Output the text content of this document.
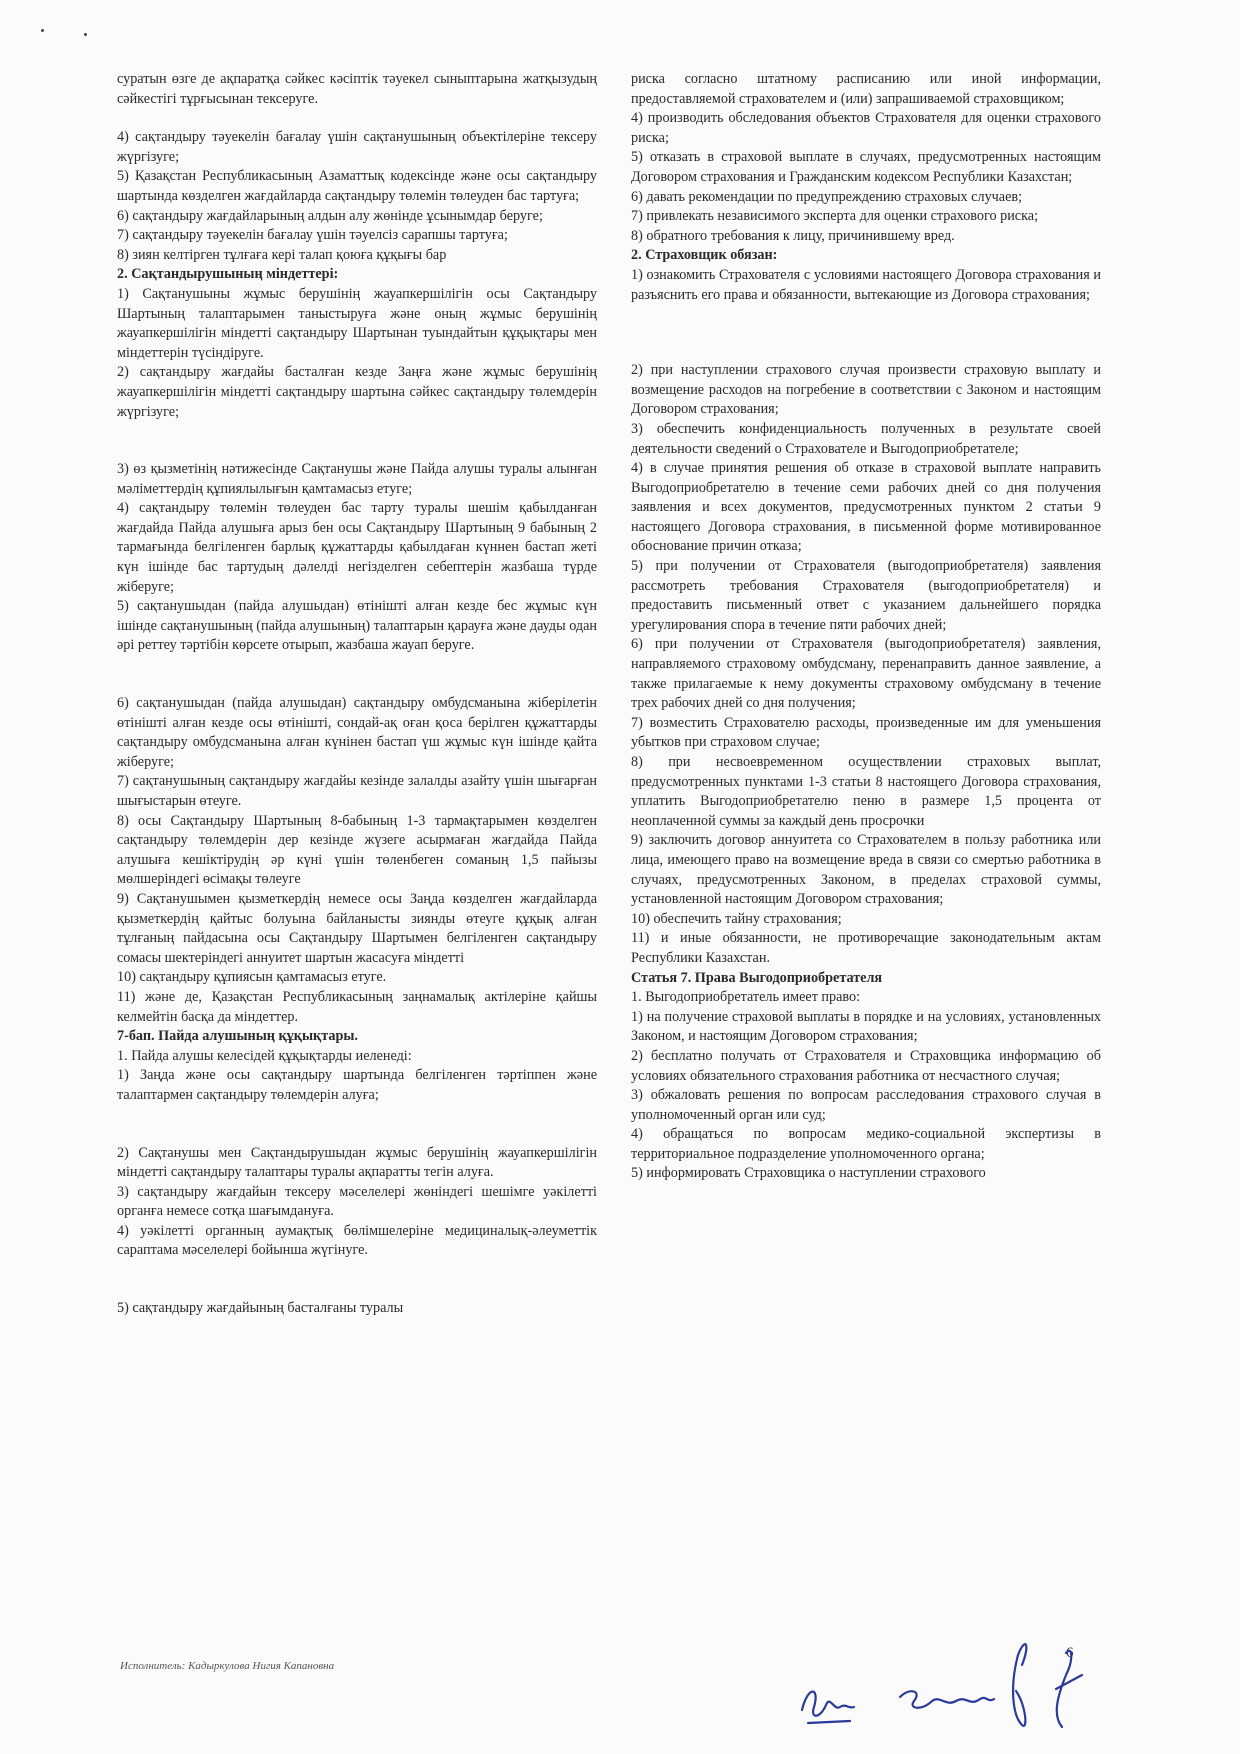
суратын өзге де ақпаратқа сәйкес кәсіптік тәуекел сыныптарына жатқызудың сәйкестігі тұрғысынан тексеруге.
4) сақтандыру тәуекелін бағалау үшін сақтанушының объектілеріне тексеру жүргізуге;
5) Қазақстан Республикасының Азаматтық кодексінде және осы сақтандыру шартында көзделген жағдайларда сақтандыру төлемін төлеуден бас тартуға;
6) сақтандыру жағдайларының алдын алу жөнінде ұсынымдар беруге;
7) сақтандыру тәуекелін бағалау үшін тәуелсіз сарапшы тартуға;
8) зиян келтірген тұлғаға кері талап қоюға құқығы бар
2. Сақтандырушының міндеттері:
1) Сақтанушыны жұмыс берушінің жауапкершілігін осы Сақтандыру Шартының талаптарымен таныстыруға және оның жұмыс берушінің жауапкершілігін міндетті сақтандыру Шартынан туындайтын құқықтары мен міндеттерін түсіндіруге.
2) сақтандыру жағдайы басталған кезде Заңға және жұмыс берушінің жауапкершілігін міндетті сақтандыру шартына сәйкес сақтандыру төлемдерін жүргізуге;
3) өз қызметінің нәтижесінде Сақтанушы және Пайда алушы туралы алынған мәліметтердің құпиялылығын қамтамасыз етуге;
4) сақтандыру төлемін төлеуден бас тарту туралы шешім қабылданған жағдайда Пайда алушыға арыз бен осы Сақтандыру Шартының 9 бабының 2 тармағында белгіленген барлық құжаттарды қабылдаған күннен бастап жеті күн ішінде бас тартудың дәлелді негізделген себептерін жазбаша түрде жіберуге;
5) сақтанушыдан (пайда алушыдан) өтінішті алған кезде бес жұмыс күн ішінде сақтанушының (пайда алушының) талаптарын қарауға және дауды одан әрі реттеу тәртібін көрсете отырып, жазбаша жауап беруге.
6) сақтанушыдан (пайда алушыдан) сақтандыру омбудсманына жіберілетін өтінішті алған кезде осы өтінішті, сондай-ақ оған қоса берілген құжаттарды сақтандыру омбудсманына алған күнінен бастап үш жұмыс күн ішінде қайта жіберуге;
7) сақтанушының сақтандыру жағдайы кезінде залалды азайту үшін шығарған шығыстарын өтеуге.
8) осы Сақтандыру Шартының 8-бабының 1-3 тармақтарымен көзделген сақтандыру төлемдерін дер кезінде жүзеге асырмаған жағдайда Пайда алушыға кешіктірудің әр күні үшін төленбеген соманың 1,5 пайызы мөлшеріндегі өсімақы төлеуге
9) Сақтанушымен қызметкердің немесе осы Заңда көзделген жағдайларда қызметкердің қайтыс болуына байланысты зиянды өтеуге құқық алған тұлғаның пайдасына осы Сақтандыру Шартымен белгіленген сақтандыру сомасы шектеріндегі аннуитет шартын жасасуға міндетті
10) сақтандыру құпиясын қамтамасыз етуге.
11) және де, Қазақстан Республикасының заңнамалық актілеріне қайшы келмейтін басқа да міндеттер.
7-бап. Пайда алушының құқықтары.
1. Пайда алушы келесідей құқықтарды иеленеді:
1) Заңда және осы сақтандыру шартында белгіленген тәртіппен және талаптармен сақтандыру төлемдерін алуға;
2) Сақтанушы мен Сақтандырушыдан жұмыс берушінің жауапкершілігін міндетті сақтандыру талаптары туралы ақпаратты тегін алуға.
3) сақтандыру жағдайын тексеру мәселелері жөніндегі шешімге уәкілетті органға немесе сотқа шағымдануға.
4) уәкілетті органның аумақтық бөлімшелеріне медициналық-әлеуметтік сараптама мәселелері бойынша жүгінуге.
5) сақтандыру жағдайының басталғаны туралы
риска согласно штатному расписанию или иной информации, предоставляемой страхователем и (или) запрашиваемой страховщиком;
4) производить обследования объектов Страхователя для оценки страхового риска;
5) отказать в страховой выплате в случаях, предусмотренных настоящим Договором страхования и Гражданским кодексом Республики Казахстан;
6) давать рекомендации по предупреждению страховых случаев;
7) привлекать независимого эксперта для оценки страхового риска;
8) обратного требования к лицу, причинившему вред.
2. Страховщик обязан:
1) ознакомить Страхователя с условиями настоящего Договора страхования и разъяснить его права и обязанности, вытекающие из Договора страхования;
2) при наступлении страхового случая произвести страховую выплату и возмещение расходов на погребение в соответствии с Законом и настоящим Договором страхования;
3) обеспечить конфиденциальность полученных в результате своей деятельности сведений о Страхователе и Выгодоприобретателе;
4) в случае принятия решения об отказе в страховой выплате направить Выгодоприобретателю в течение семи рабочих дней со дня получения заявления и всех документов, предусмотренных пунктом 2 статьи 9 настоящего Договора страхования, в письменной форме мотивированное обоснование причин отказа;
5) при получении от Страхователя (выгодоприобретателя) заявления рассмотреть требования Страхователя (выгодоприобретателя) и предоставить письменный ответ с указанием дальнейшего порядка урегулирования спора в течение пяти рабочих дней;
6) при получении от Страхователя (выгодоприобретателя) заявления, направляемого страховому омбудсману, перенаправить данное заявление, а также прилагаемые к нему документы страховому омбудсману в течение трех рабочих дней со дня получения;
7) возместить Страхователю расходы, произведенные им для уменьшения убытков при страховом случае;
8) при несвоевременном осуществлении страховых выплат, предусмотренных пунктами 1-3 статьи 8 настоящего Договора страхования, уплатить Выгодоприобретателю пеню в размере 1,5 процента от неоплаченной суммы за каждый день просрочки
9) заключить договор аннуитета со Страхователем в пользу работника или лица, имеющего право на возмещение вреда в связи со смертью работника в случаях, предусмотренных Законом, в пределах страховой суммы, установленной настоящим Договором страхования;
10) обеспечить тайну страхования;
11) и иные обязанности, не противоречащие законодательным актам Республики Казахстан.
Статья 7. Права Выгодоприобретателя
1. Выгодоприобретатель имеет право:
1) на получение страховой выплаты в порядке и на условиях, установленных Законом, и настоящим Договором страхования;
2) бесплатно получать от Страхователя и Страховщика информацию об условиях обязательного страхования работника от несчастного случая;
3) обжаловать решения по вопросам расследования страхового случая в уполномоченный орган или суд;
4) обращаться по вопросам медико-социальной экспертизы в территориальное подразделение уполномоченного органа;
5) информировать Страховщика о наступлении страхового
Исполнитель: Кадыркулова Нигия Капановна
6
